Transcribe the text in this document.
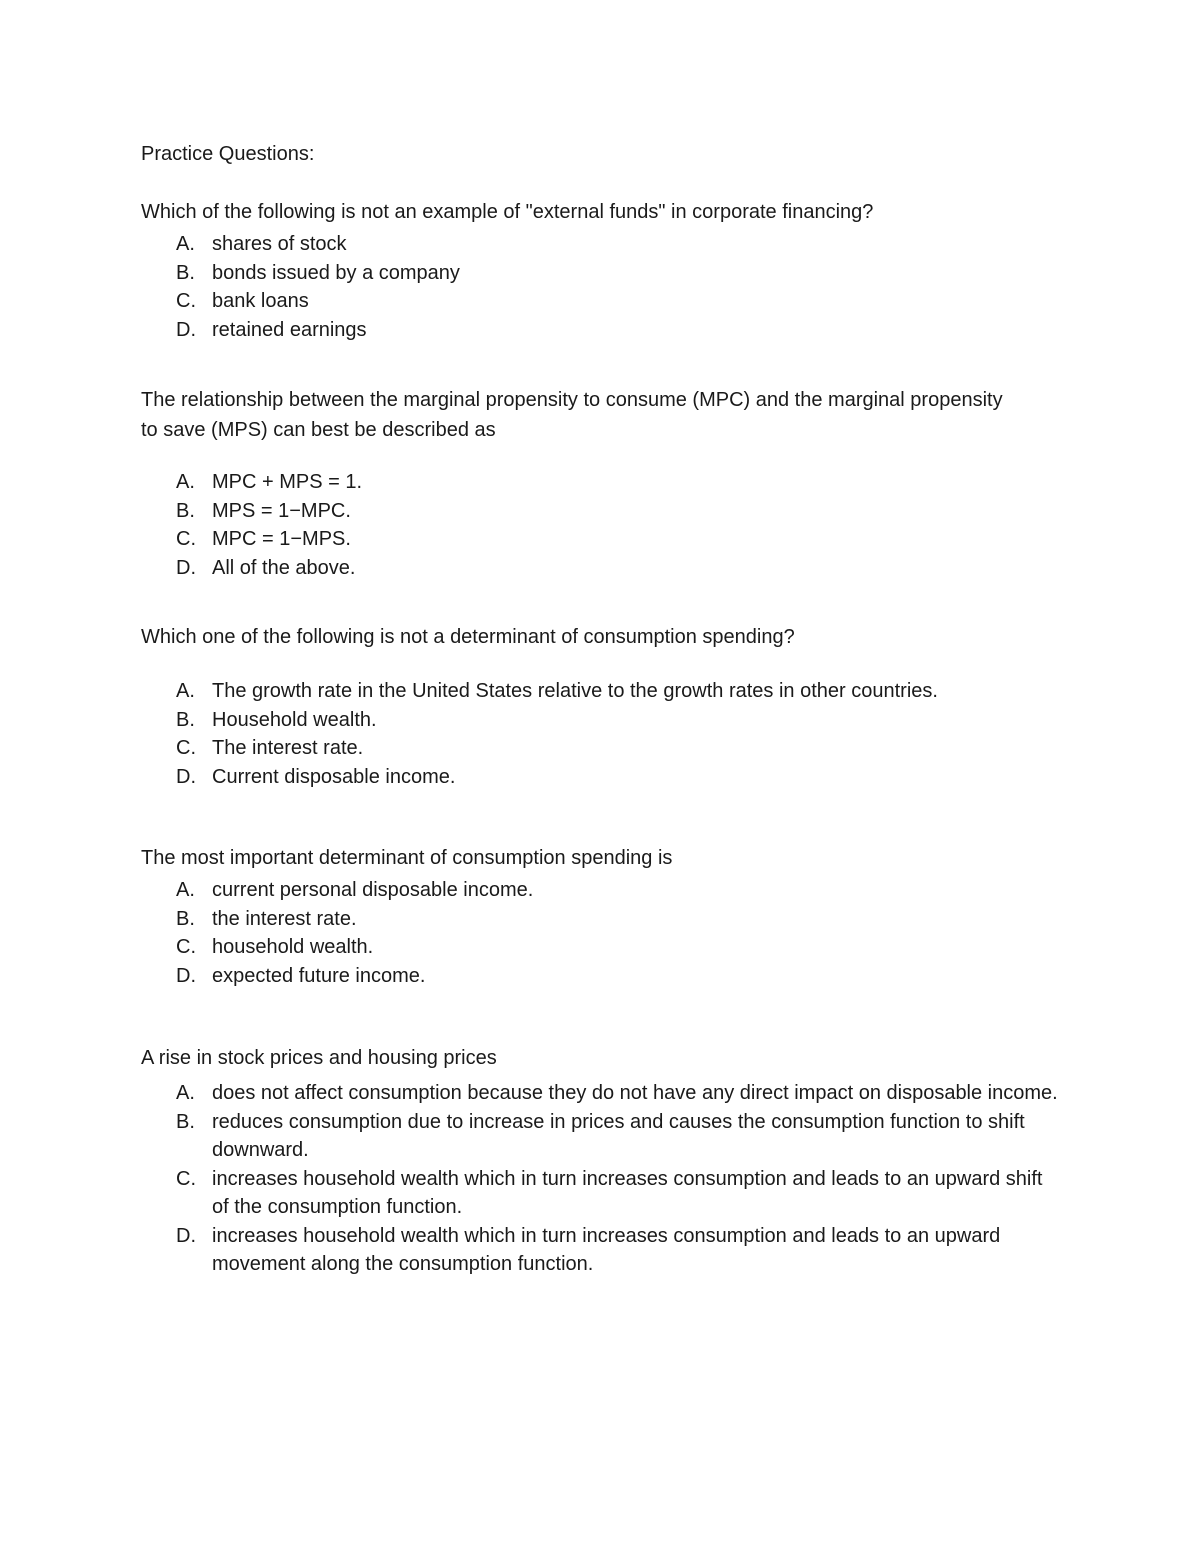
Practice Questions:

Which of the following is not an example of "external funds" in corporate financing?

A. shares of stock
B. bonds issued by a company
C. bank loans
D. retained earnings

The relationship between the marginal propensity to consume (MPC) and the marginal propensity to save (MPS) can best be described as

A. MPC + MPS = 1.
B. MPS = 1−MPC.
C. MPC = 1−MPS.
D. All of the above.

Which one of the following is not a determinant of consumption spending?

A. The growth rate in the United States relative to the growth rates in other countries.
B. Household wealth.
C. The interest rate.
D. Current disposable income.

The most important determinant of consumption spending is

A. current personal disposable income.
B. the interest rate.
C. household wealth.
D. expected future income.

A rise in stock prices and housing prices

A. does not affect consumption because they do not have any direct impact on disposable income.
B. reduces consumption due to increase in prices and causes the consumption function to shift downward.
C. increases household wealth which in turn increases consumption and leads to an upward shift of the consumption function.
D. increases household wealth which in turn increases consumption and leads to an upward movement along the consumption function.
